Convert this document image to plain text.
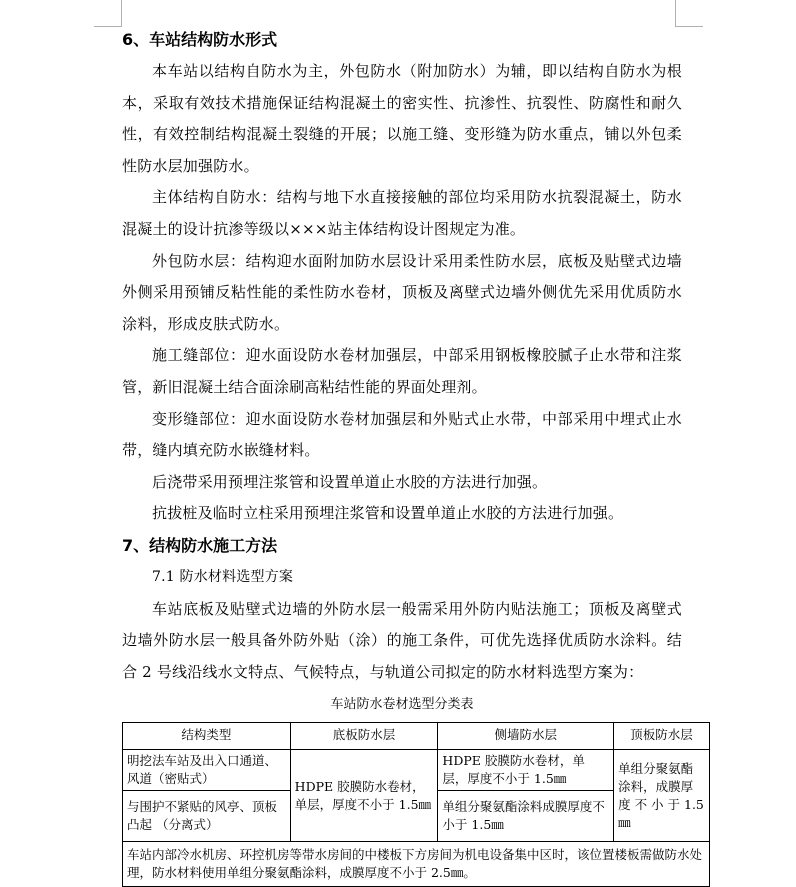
6、车站结构防水形式

本车站以结构自防水为主，外包防水（附加防水）为辅，即以结构自防水为根本，采取有效技术措施保证结构混凝土的密实性、抗渗性、抗裂性、防腐性和耐久性，有效控制结构混凝土裂缝的开展；以施工缝、变形缝为防水重点，铺以外包柔性防水层加强防水。

主体结构自防水：结构与地下水直接接触的部位均采用防水抗裂混凝土，防水混凝土的设计抗渗等级以×××站主体结构设计图规定为准。

外包防水层：结构迎水面附加防水层设计采用柔性防水层，底板及贴壁式边墙外侧采用预铺反粘性能的柔性防水卷材，顶板及离壁式边墙外侧优先采用优质防水涂料，形成皮肤式防水。

施工缝部位：迎水面设防水卷材加强层，中部采用钢板橡胶腻子止水带和注浆管，新旧混凝土结合面涂刷高粘结性能的界面处理剂。

变形缝部位：迎水面设防水卷材加强层和外贴式止水带，中部采用中埋式止水带，缝内填充防水嵌缝材料。

后浇带采用预埋注浆管和设置单道止水胶的方法进行加强。

抗拔桩及临时立柱采用预埋注浆管和设置单道止水胶的方法进行加强。

7、结构防水施工方法

7.1 防水材料选型方案

车站底板及贴壁式边墙的外防水层一般需采用外防内贴法施工；顶板及离壁式边墙外防水层一般具备外防外贴（涂）的施工条件，可优先选择优质防水涂料。结合 2 号线沿线水文特点、气候特点，与轨道公司拟定的防水材料选型方案为：

车站防水卷材选型分类表
结构类型	底板防水层	侧墙防水层	顶板防水层
明挖法车站及出入口通道、风道（密贴式）	HDPE 胶膜防水卷材，单层，厚度不小于 1.5㎜	HDPE 胶膜防水卷材，单层，厚度不小于 1.5㎜	单组分聚氨酯涂料，成膜厚度 不 小 于 1.5㎜
与围护不紧贴的风亭、顶板凸起 （分离式）		单组分聚氨酯涂料成膜厚度不小于 1.5㎜	
车站内部冷水机房、环控机房等带水房间的中楼板下方房间为机电设备集中区时，该位置楼板需做防水处理，防水材料使用单组分聚氨酯涂料，成膜厚度不小于 2.5㎜。			
